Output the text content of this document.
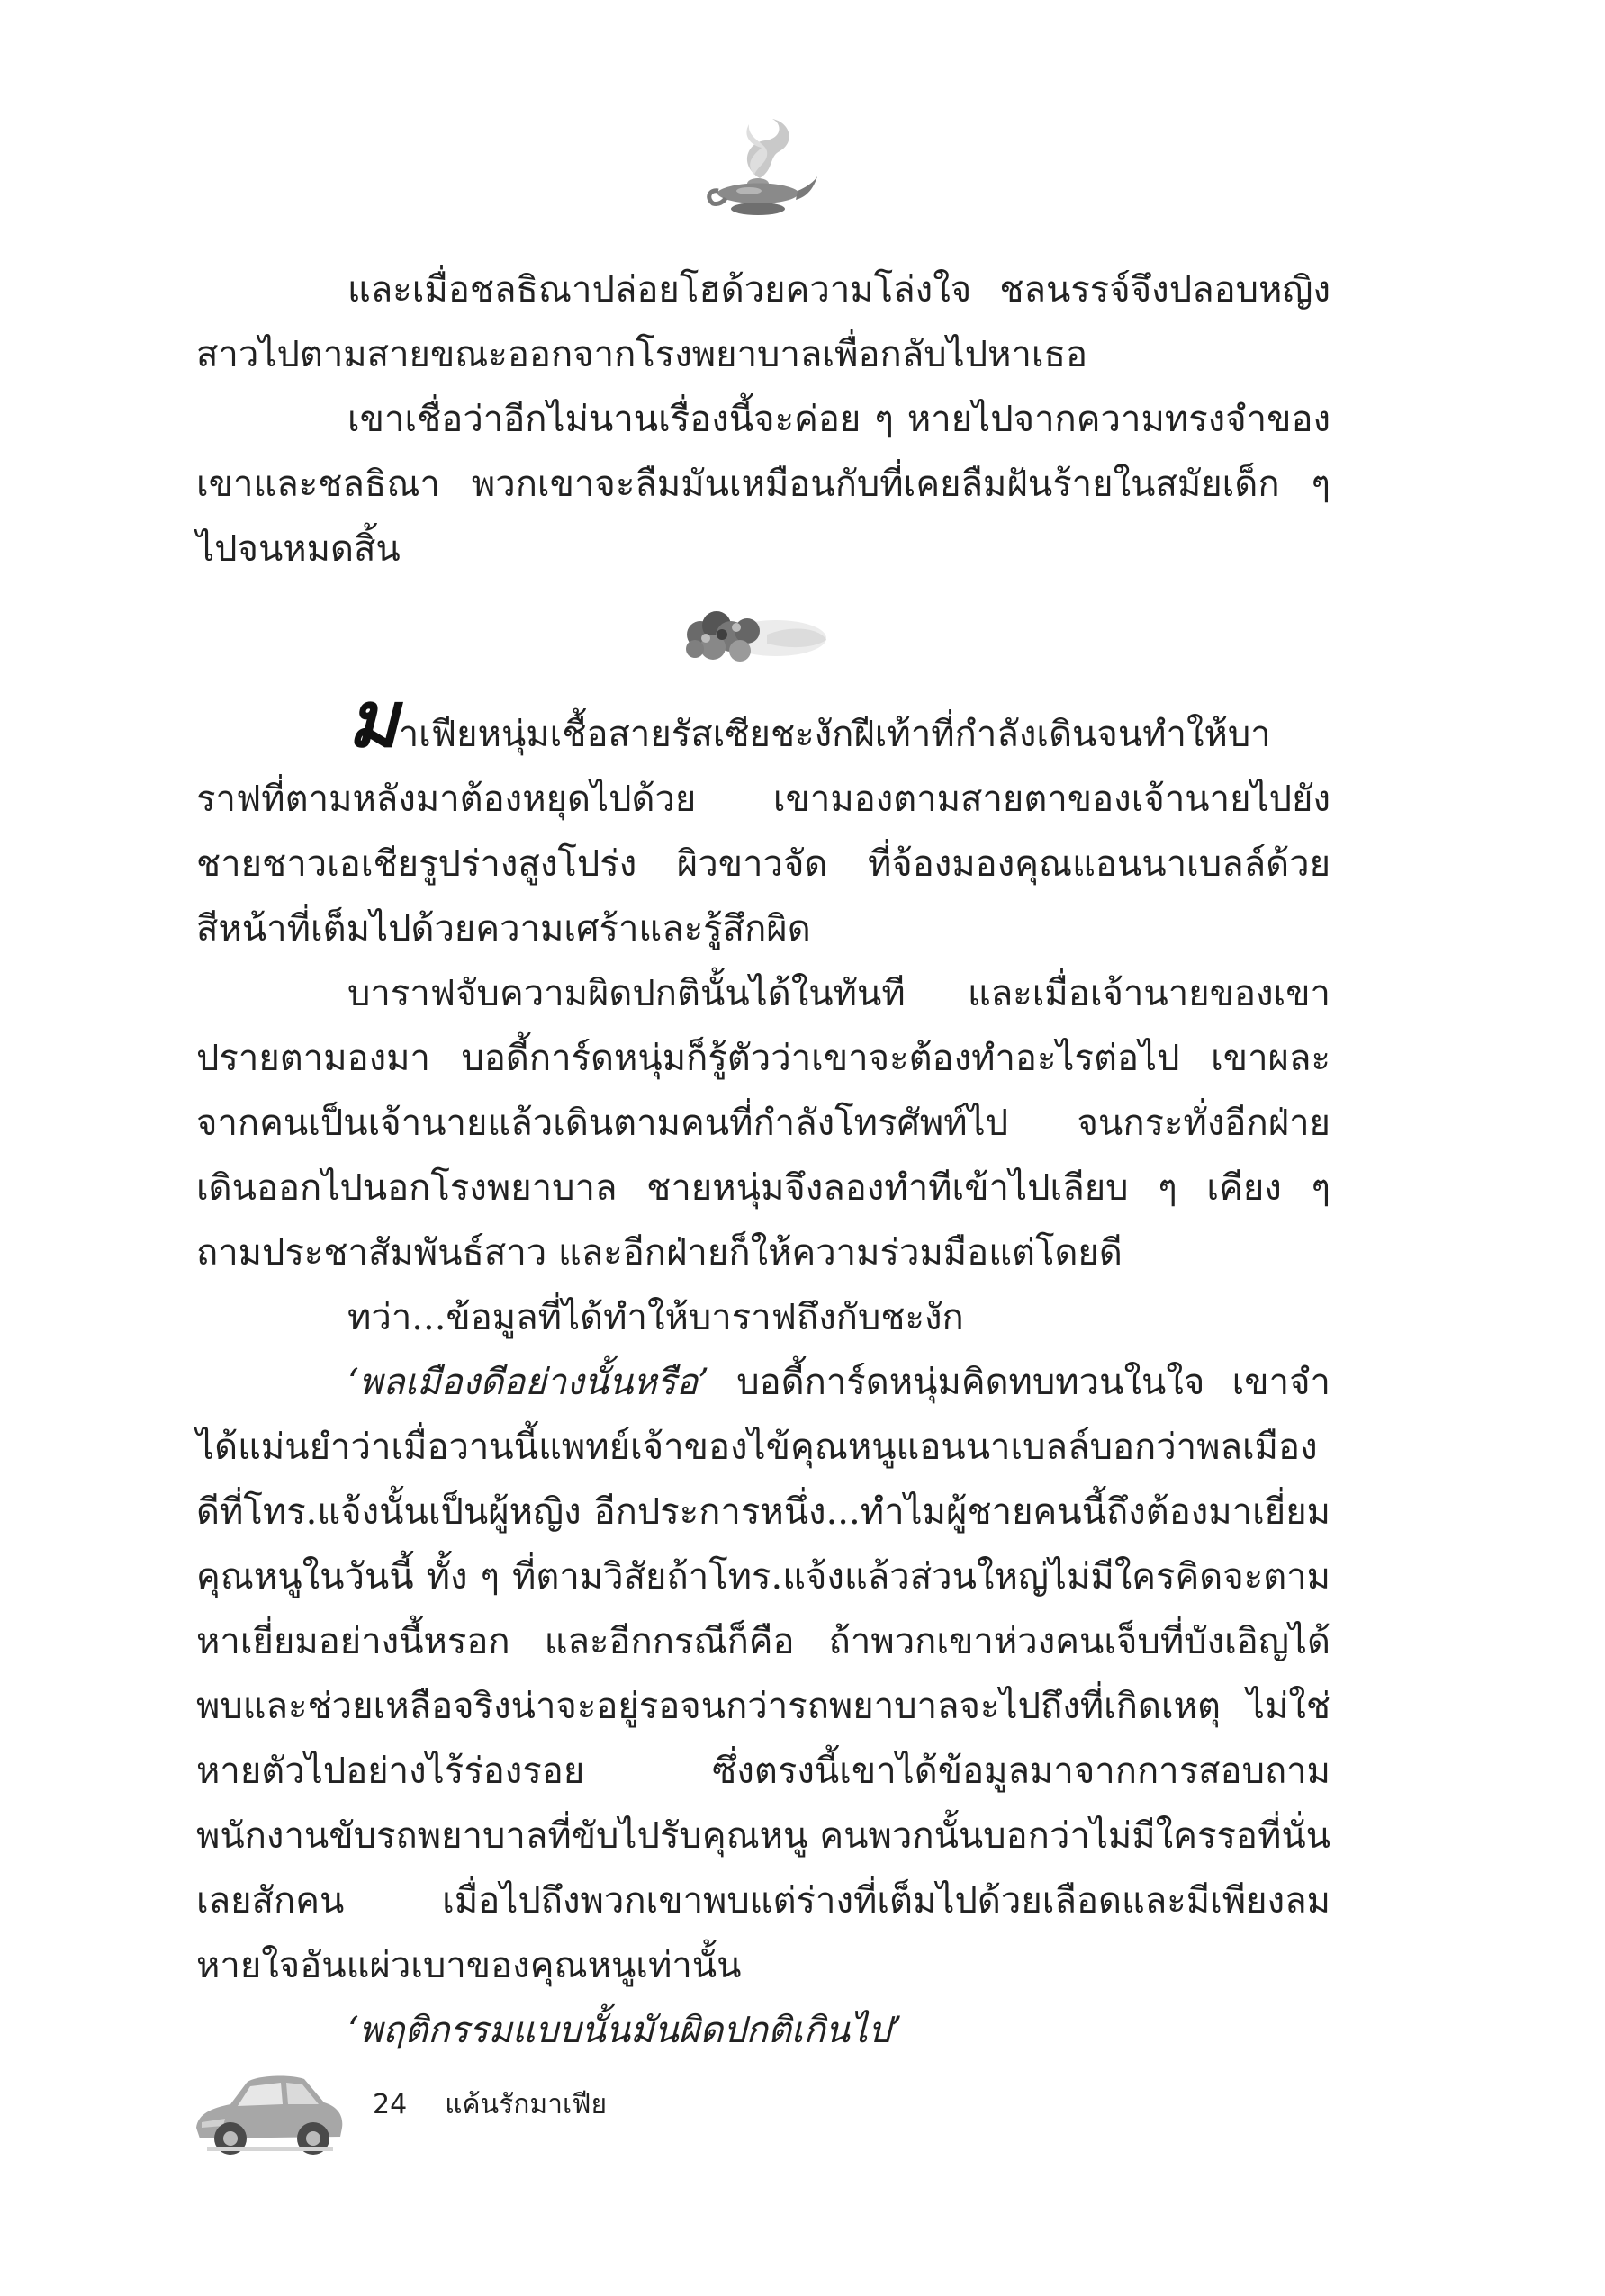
และเมื่อชลธิณาปล่อยโฮด้วยความโล่งใจ ชลนรรจ์จึงปลอบหญิงสาวไปตามสายขณะออกจากโรงพยาบาลเพื่อกลับไปหาเธอ

เขาเชื่อว่าอีกไม่นานเรื่องนี้จะค่อย ๆ หายไปจากความทรงจำของเขาและชลธิณา พวกเขาจะลืมมันเหมือนกับที่เคยลืมฝันร้ายในสมัยเด็ก ๆ ไปจนหมดสิ้น

มาเฟียหนุ่มเชื้อสายรัสเซียชะงักฝีเท้าที่กำลังเดินจนทำให้บาราฟที่ตามหลังมาต้องหยุดไปด้วย เขามองตามสายตาของเจ้านายไปยังชายชาวเอเชียรูปร่างสูงโปร่ง ผิวขาวจัด ที่จ้องมองคุณแอนนาเบลล์ด้วยสีหน้าที่เต็มไปด้วยความเศร้าและรู้สึกผิด

บาราฟจับความผิดปกตินั้นได้ในทันที และเมื่อเจ้านายของเขาปรายตามองมา บอดี้การ์ดหนุ่มก็รู้ตัวว่าเขาจะต้องทำอะไรต่อไป เขาผละจากคนเป็นเจ้านายแล้วเดินตามคนที่กำลังโทรศัพท์ไป จนกระทั่งอีกฝ่ายเดินออกไปนอกโรงพยาบาล ชายหนุ่มจึงลองทำทีเข้าไปเลียบ ๆ เคียง ๆ ถามประชาสัมพันธ์สาว และอีกฝ่ายก็ให้ความร่วมมือแต่โดยดี

ทว่า...ข้อมูลที่ได้ทำให้บาราฟถึงกับชะงัก

‘พลเมืองดีอย่างนั้นหรือ’ บอดี้การ์ดหนุ่มคิดทบทวนในใจ เขาจำได้แม่นยำว่าเมื่อวานนี้แพทย์เจ้าของไข้คุณหนูแอนนาเบลล์บอกว่าพลเมืองดีที่โทร.แจ้งนั้นเป็นผู้หญิง อีกประการหนึ่ง...ทำไมผู้ชายคนนี้ถึงต้องมาเยี่ยมคุณหนูในวันนี้ ทั้ง ๆ ที่ตามวิสัยถ้าโทร.แจ้งแล้วส่วนใหญ่ไม่มีใครคิดจะตามหาเยี่ยมอย่างนี้หรอก และอีกกรณีก็คือ ถ้าพวกเขาห่วงคนเจ็บที่บังเอิญได้พบและช่วยเหลือจริงน่าจะอยู่รอจนกว่ารถพยาบาลจะไปถึงที่เกิดเหตุ ไม่ใช่หายตัวไปอย่างไร้ร่องรอย ซึ่งตรงนี้เขาได้ข้อมูลมาจากการสอบถามพนักงานขับรถพยาบาลที่ขับไปรับคุณหนู คนพวกนั้นบอกว่าไม่มีใครรอที่นั่นเลยสักคน เมื่อไปถึงพวกเขาพบแต่ร่างที่เต็มไปด้วยเลือดและมีเพียงลมหายใจอันแผ่วเบาของคุณหนูเท่านั้น

‘พฤติกรรมแบบนั้นมันผิดปกติเกินไป’

24 แค้นรักมาเฟีย
